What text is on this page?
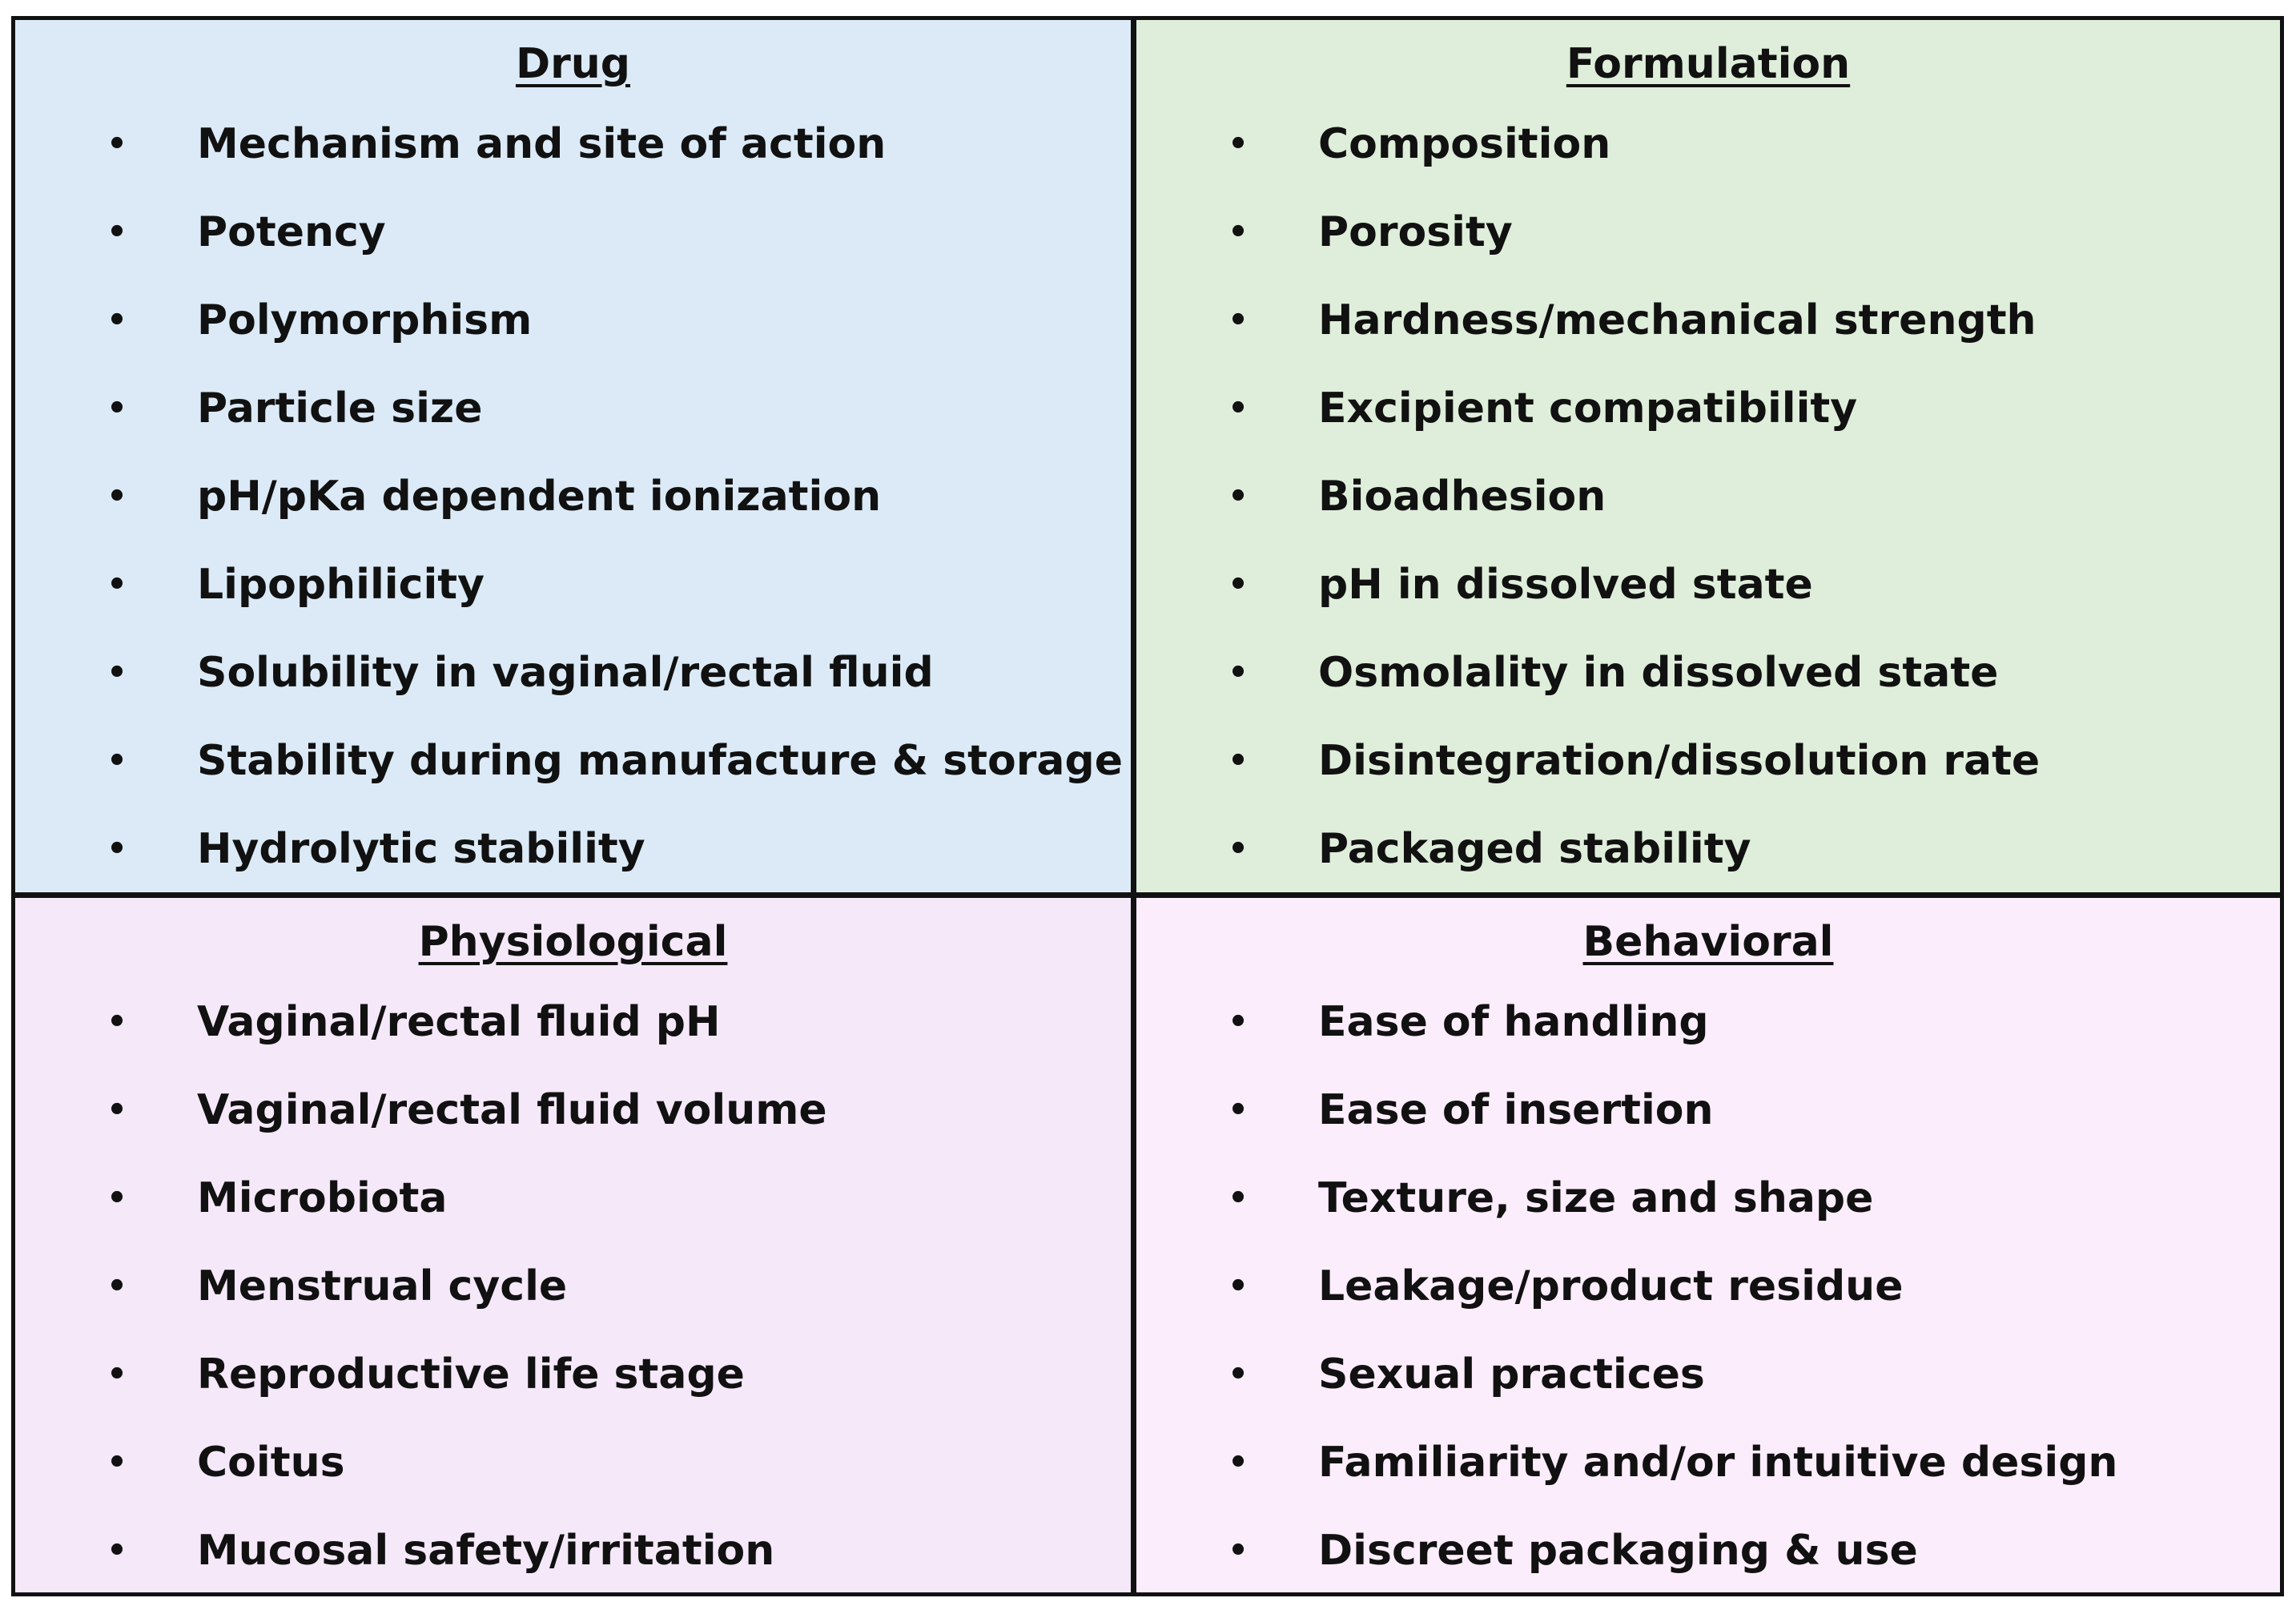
Drug
• Mechanism and site of action
• Potency
• Polymorphism
• Particle size
• pH/pKa dependent ionization
• Lipophilicity
• Solubility in vaginal/rectal fluid
• Stability during manufacture & storage
• Hydrolytic stability
Formulation
• Composition
• Porosity
• Hardness/mechanical strength
• Excipient compatibility
• Bioadhesion
• pH in dissolved state
• Osmolality in dissolved state
• Disintegration/dissolution rate
• Packaged stability
Physiological
• Vaginal/rectal fluid pH
• Vaginal/rectal fluid volume
• Microbiota
• Menstrual cycle
• Reproductive life stage
• Coitus
• Mucosal safety/irritation
Behavioral
• Ease of handling
• Ease of insertion
• Texture, size and shape
• Leakage/product residue
• Sexual practices
• Familiarity and/or intuitive design
• Discreet packaging & use
